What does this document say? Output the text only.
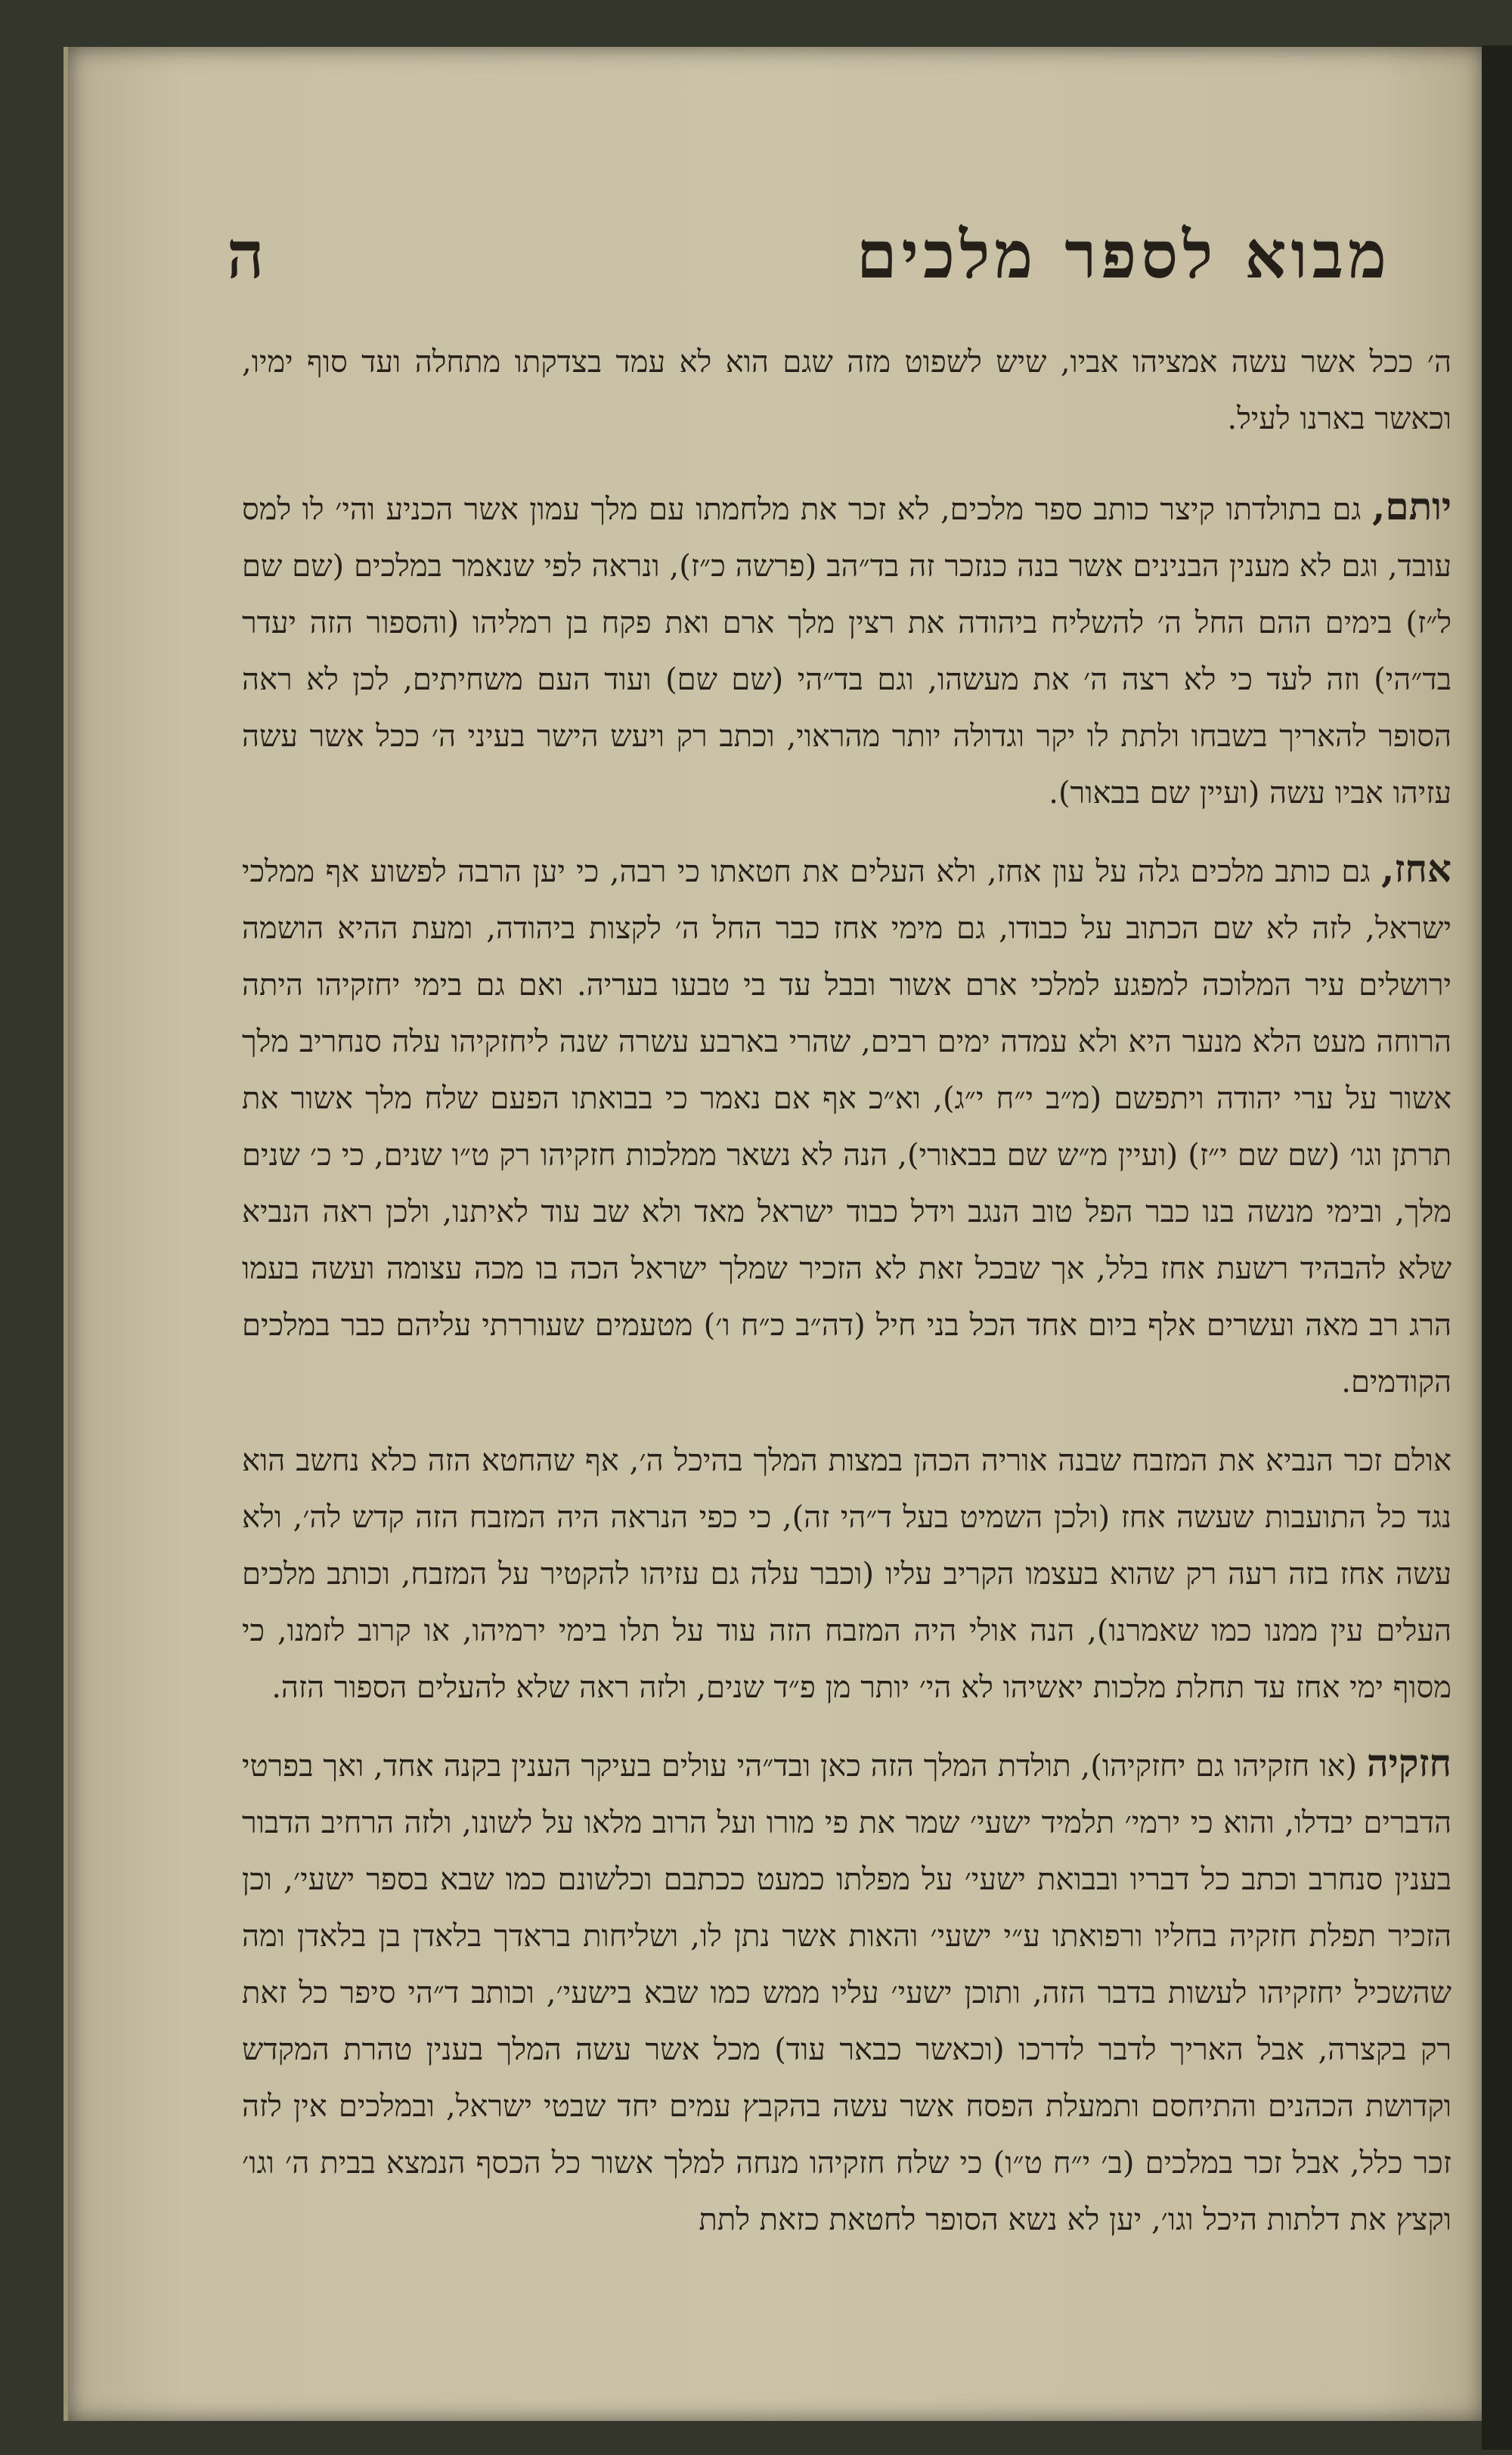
מבוא לספר מלכים
ה

ה׳ ככל אשר עשה אמציהו אביו, שיש לשפוט מזה שגם הוא לא עמד בצדקתו מתחלה ועד סוף ימיו, וכאשר בארנו לעיל.

יותם, גם בתולדתו קיצר כותב ספר מלכים, לא זכר את מלחמתו עם מלך עמון אשר הכניע והי׳ לו למס עובד, וגם לא מענין הבנינים אשר בנה כנזכר זה בד״הב (פרשה כ״ז), ונראה לפי שנאמר במלכים (שם שם ל״ז) בימים ההם החל ה׳ להשליח ביהודה את רצין מלך ארם ואת פקח בן רמליהו (והספור הזה יעדר בד״הי) וזה לעד כי לא רצה ה׳ את מעשהו, וגם בד״הי (שם שם) ועוד העם משחיתים, לכן לא ראה הסופר להאריך בשבחו ולתת לו יקר וגדולה יותר מהראוי, וכתב רק ויעש הישר בעיני ה׳ ככל אשר עשה עזיהו אביו עשה (ועיין שם בבאור).

אחז, גם כותב מלכים גלה על עון אחז, ולא העלים את חטאתו כי רבה, כי יען הרבה לפשוע אף ממלכי ישראל, לזה לא שם הכתוב על כבודו, גם מימי אחז כבר החל ה׳ לקצות ביהודה, ומעת ההיא הושמה ירושלים עיר המלוכה למפגע למלכי ארם אשור ובבל עד בי טבעו בעריה. ואם גם בימי יחזקיהו היתה הרוחה מעט הלא מנער היא ולא עמדה ימים רבים, שהרי בארבע עשרה שנה ליחזקיהו עלה סנחריב מלך אשור על ערי יהודה ויתפשם (מ״ב י״ח י״ג), וא״כ אף אם נאמר כי בבואתו הפעם שלח מלך אשור את תרתן וגו׳ (שם שם י״ז) (ועיין מ״ש שם בבאורי), הנה לא נשאר ממלכות חזקיהו רק ט״ו שנים, כי כ׳ שנים מלך, ובימי מנשה בנו כבר הפל טוב הנגב וידל כבוד ישראל מאד ולא שב עוד לאיתנו, ולכן ראה הנביא שלא להבהיד רשעת אחז בלל, אך שבכל זאת לא הזכיר שמלך ישראל הכה בו מכה עצומה ועשה בעמו הרג רב מאה ועשרים אלף ביום אחד הכל בני חיל (דה״ב כ״ח ו׳) מטעמים שעוררתי עליהם כבר במלכים הקודמים.

אולם זכר הנביא את המזבח שבנה אוריה הכהן במצות המלך בהיכל ה׳, אף שהחטא הזה כלא נחשב הוא נגד כל התועבות שעשה אחז (ולכן השמיט בעל ד״הי זה), כי כפי הנראה היה המזבח הזה קדש לה׳, ולא עשה אחז בזה רעה רק שהוא בעצמו הקריב עליו (וכבר עלה גם עזיהו להקטיר על המזבח, וכותב מלכים העלים עין ממנו כמו שאמרנו), הנה אולי היה המזבח הזה עוד על תלו בימי ירמיהו, או קרוב לזמנו, כי מסוף ימי אחז עד תחלת מלכות יאשיהו לא הי׳ יותר מן פ״ד שנים, ולזה ראה שלא להעלים הספור הזה.

חזקיה (או חזקיהו גם יחזקיהו), תולדת המלך הזה כאן ובד״הי עולים בעיקר הענין בקנה אחד, ואך בפרטי הדברים יבדלו, והוא כי ירמי׳ תלמיד ישעי׳ שמר את פי מורו ועל הרוב מלאו על לשונו, ולזה הרחיב הדבור בענין סנחרב וכתב כל דבריו ובבואת ישעי׳ על מפלתו כמעט ככתבם וכלשונם כמו שבא בספר ישעי׳, וכן הזכיר תפלת חזקיה בחליו ורפואתו ע״י ישעי׳ והאות אשר נתן לו, ושליחות בראדך בלאדן בן בלאדן ומה שהשכיל יחזקיהו לעשות בדבר הזה, ותוכן ישעי׳ עליו ממש כמו שבא בישעי׳, וכותב ד״הי סיפר כל זאת רק בקצרה, אבל האריך לדבר לדרכו (וכאשר כבאר עוד) מכל אשר עשה המלך בענין טהרת המקדש וקדושת הכהנים והתיחסם ותמעלת הפסח אשר עשה בהקבץ עמים יחד שבטי ישראל, ובמלכים אין לזה זכר כלל, אבל זכר במלכים (ב׳ י״ח ט״ו) כי שלח חזקיהו מנחה למלך אשור כל הכסף הנמצא בבית ה׳ וגו׳ וקצץ את דלתות היכל וגו׳, יען לא נשא הסופר לחטאת כזאת לתת
